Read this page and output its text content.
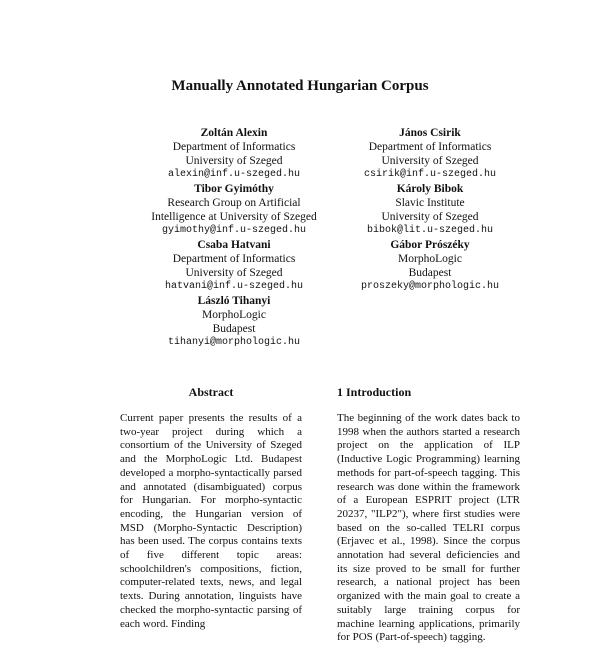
Manually Annotated Hungarian Corpus
Zoltán Alexin
Department of Informatics
University of Szeged
alexin@inf.u-szeged.hu
Tibor Gyimóthy
Research Group on Artificial
Intelligence at University of Szeged
gyimothy@inf.u-szeged.hu
Csaba Hatvani
Department of Informatics
University of Szeged
hatvani@inf.u-szeged.hu
László Tihanyi
MorphoLogic
Budapest
tihanyi@morphologic.hu
János Csirik
Department of Informatics
University of Szeged
csirik@inf.u-szeged.hu
Károly Bibok
Slavic Institute
University of Szeged
bibok@lit.u-szeged.hu
Gábor Prószéky
MorphoLogic
Budapest
proszeky@morphologic.hu
Abstract	1 Introduction
Current paper presents the results of a two-year project during which a consortium of the University of Szeged and the MorphoLogic Ltd. Budapest developed a morpho-syntactically parsed and annotated (disambiguated) corpus for Hungarian. For morpho-syntactic encoding, the Hungarian version of MSD (Morpho-Syntactic Description) has been used. The corpus contains texts of five different topic areas: schoolchildren's compositions, fiction, computer-related texts, news, and legal texts. During annotation, linguists have checked the morpho-syntactic parsing of each word. Finding
The beginning of the work dates back to 1998 when the authors started a research project on the application of ILP (Inductive Logic Programming) learning methods for part-of-speech tagging. This research was done within the framework of a European ESPRIT project (LTR 20237, "ILP2"), where first studies were based on the so-called TELRI corpus (Erjavec et al., 1998). Since the corpus annotation had several deficiencies and its size proved to be small for further research, a national project has been organized with the main goal to create a suitably large training corpus for machine learning applications, primarily for POS (Part-of-speech) tagging.
